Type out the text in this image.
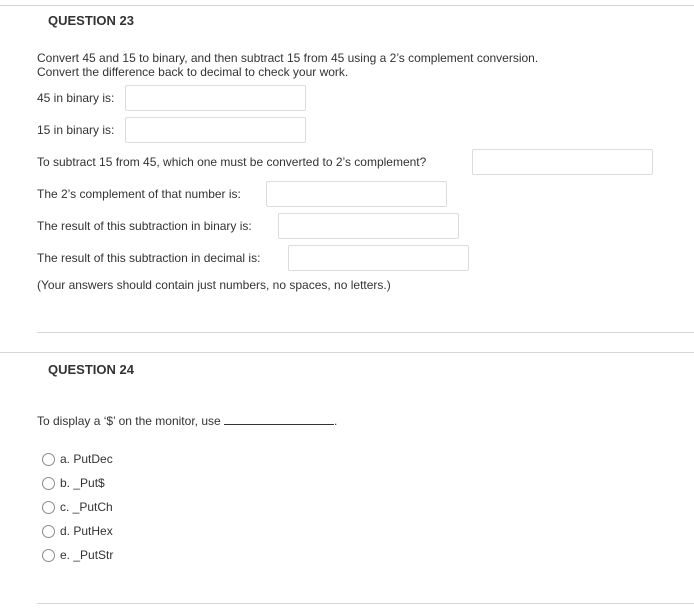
QUESTION 23
Convert 45 and 15 to binary, and then subtract 15 from 45 using a 2’s complement conversion.
Convert the difference back to decimal to check your work.
45 in binary is:
15 in binary is:
To subtract 15 from 45, which one must be converted to 2’s complement?
The 2’s complement of that number is:
The result of this subtraction in binary is:
The result of this subtraction in decimal is:
(Your answers should contain just numbers, no spaces, no letters.)
QUESTION 24
To display a ‘$’ on the monitor, use	.
a. PutDec
b. _Put$
c. _PutCh
d. PutHex
e. _PutStr
